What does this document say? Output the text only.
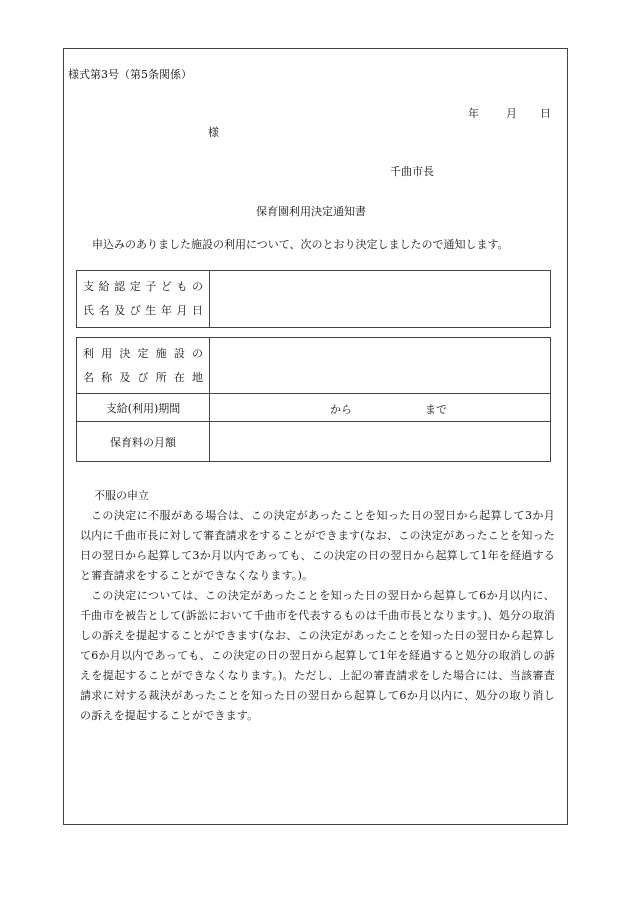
様式第3号（第5条関係）
年 月 日
様
千曲市長
保育園利用決定通知書
申込みのありました施設の利用について、次のとおり決定しましたので通知します。
支給認定子どもの
氏名及び生年月日

利用決定施設の
名称及び所在地	

支給(利用)期間	から まで

保育料の月額	
不服の申立

この決定に不服がある場合は、この決定があったことを知った日の翌日から起算して3か月以内に千曲市長に対して審査請求をすることができます(なお、この決定があったことを知った日の翌日から起算して3か月以内であっても、この決定の日の翌日から起算して1年を経過すると審査請求をすることができなくなります。)。

この決定については、この決定があったことを知った日の翌日から起算して6か月以内に、千曲市を被告として(訴訟において千曲市を代表するものは千曲市長となります。)、処分の取消しの訴えを提起することができます(なお、この決定があったことを知った日の翌日から起算して6か月以内であっても、この決定の日の翌日から起算して1年を経過すると処分の取消しの訴えを提起することができなくなります。)。ただし、上記の審査請求をした場合には、当該審査請求に対する裁決があったことを知った日の翌日から起算して6か月以内に、処分の取り消しの訴えを提起することができます。
